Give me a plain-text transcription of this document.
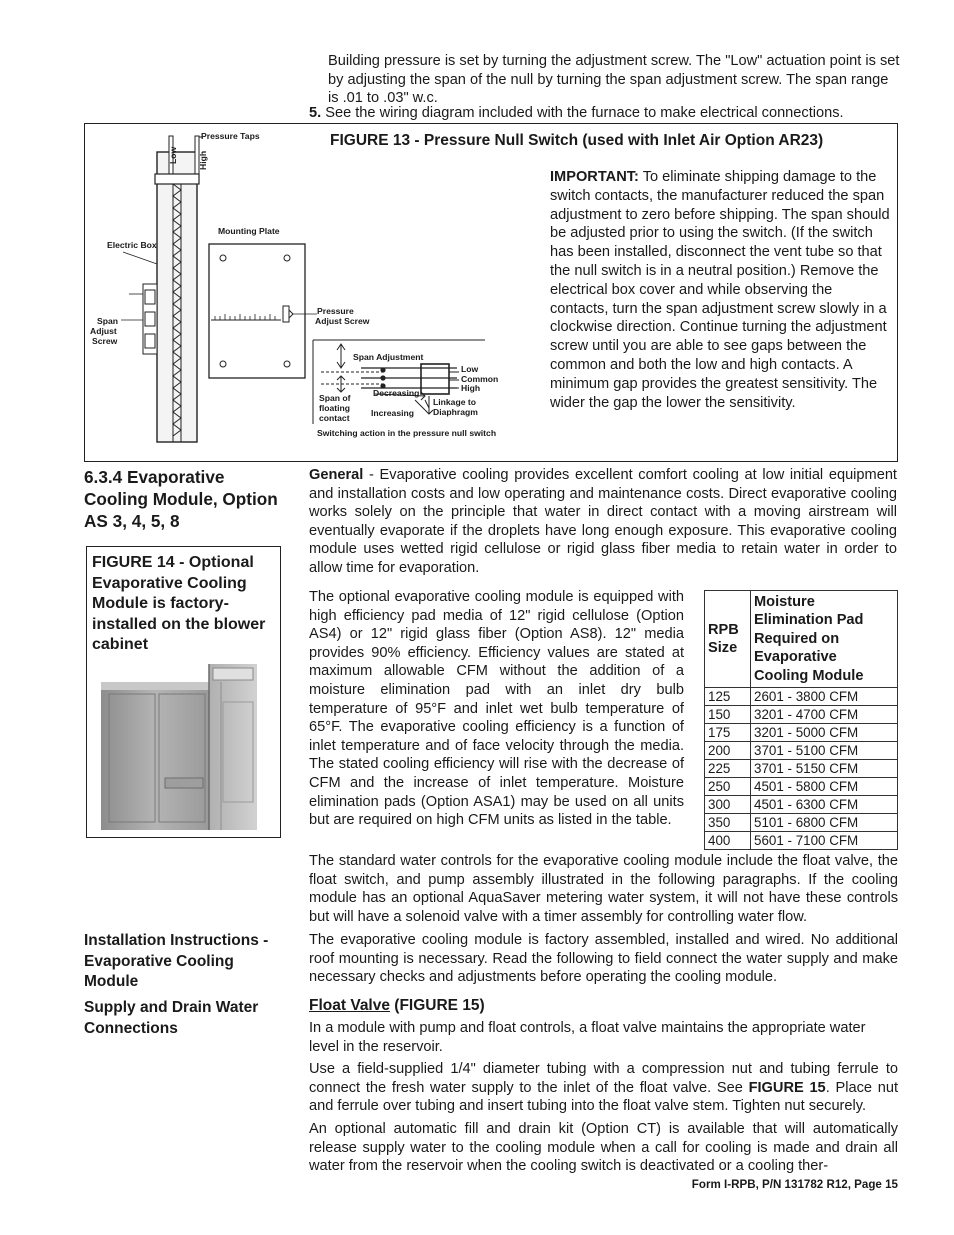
Building pressure is set by turning the adjustment screw. The "Low" actuation point is set by adjusting the span of the null by turning the span adjustment screw. The span range is .01 to .03" w.c.
5. See the wiring diagram included with the furnace to make electrical connections.
Pressure Taps
Low High
Electric Box
Mounting Plate
Span
Adjust
Screw
Pressure
Adjust Screw
Span Adjustment
Low
Common
High
Decreasing
Increasing
Span of
floating
contact
Linkage to
Diaphragm
Switching action in the pressure null switch
FIGURE 13 - Pressure Null Switch (used with Inlet Air Option AR23)
IMPORTANT: To eliminate shipping damage to the switch contacts, the manufacturer reduced the span adjustment to zero before shipping. The span should be adjusted prior to using the switch. (If the switch has been installed, disconnect the vent tube so that the null switch is in a neutral position.) Remove the electrical box cover and while observing the contacts, turn the span adjustment screw slowly in a clockwise direction. Continue turning the adjustment screw until you are able to see gaps between the common and both the low and high contacts. A minimum gap provides the greatest sensitivity. The wider the gap the lower the sensitivity.
6.3.4 Evaporative Cooling Module, Option AS 3, 4, 5, 8
FIGURE 14 - Optional Evaporative Cooling Module is factory-installed on the blower cabinet
General - Evaporative cooling provides excellent comfort cooling at low initial equipment and installation costs and low operating and maintenance costs. Direct evaporative cooling works solely on the principle that water in direct contact with a moving airstream will eventually evaporate if the droplets have long enough exposure. This evaporative cooling module uses wetted rigid cellulose or rigid glass fiber media to retain water in order to allow time for evaporation.
The optional evaporative cooling module is equipped with high efficiency pad media of 12" rigid cellulose (Option AS4) or 12" rigid glass fiber (Option AS8). 12" media provides 90% efficiency. Efficiency values are stated at maximum allowable CFM without the addition of a moisture elimination pad with an inlet dry bulb temperature of 95°F and inlet wet bulb temperature of 65°F. The evaporative cooling efficiency is a function of inlet temperature and of face velocity through the media. The stated cooling efficiency will rise with the decrease of CFM and the increase of inlet temperature. Moisture elimination pads (Option ASA1) may be used on all units but are required on high CFM units as listed in the table.
RPB Size	Moisture Elimination Pad Required on Evaporative Cooling Module
125	2601 - 3800 CFM
150	3201 - 4700 CFM
175	3201 - 5000 CFM
200	3701 - 5100 CFM
225	3701 - 5150 CFM
250	4501 - 5800 CFM
300	4501 - 6300 CFM
350	5101 - 6800 CFM
400	5601 - 7100 CFM
The standard water controls for the evaporative cooling module include the float valve, the float switch, and pump assembly illustrated in the following paragraphs. If the cooling module has an optional AquaSaver metering water system, it will not have these controls but will have a solenoid valve with a timer assembly for controlling water flow.
Installation Instructions - Evaporative Cooling Module
The evaporative cooling module is factory assembled, installed and wired. No additional roof mounting is necessary. Read the following to field connect the water supply and make necessary checks and adjustments before operating the cooling module.
Supply and Drain Water Connections
Float Valve (FIGURE 15)
In a module with pump and float controls, a float valve maintains the appropriate water level in the reservoir.
Use a field-supplied 1/4" diameter tubing with a compression nut and tubing ferrule to connect the fresh water supply to the inlet of the float valve. See FIGURE 15. Place nut and ferrule over tubing and insert tubing into the float valve stem. Tighten nut securely.
An optional automatic fill and drain kit (Option CT) is available that will automatically release supply water to the cooling module when a call for cooling is made and drain all water from the reservoir when the cooling switch is deactivated or a cooling ther-
Form I-RPB, P/N 131782 R12, Page 15
